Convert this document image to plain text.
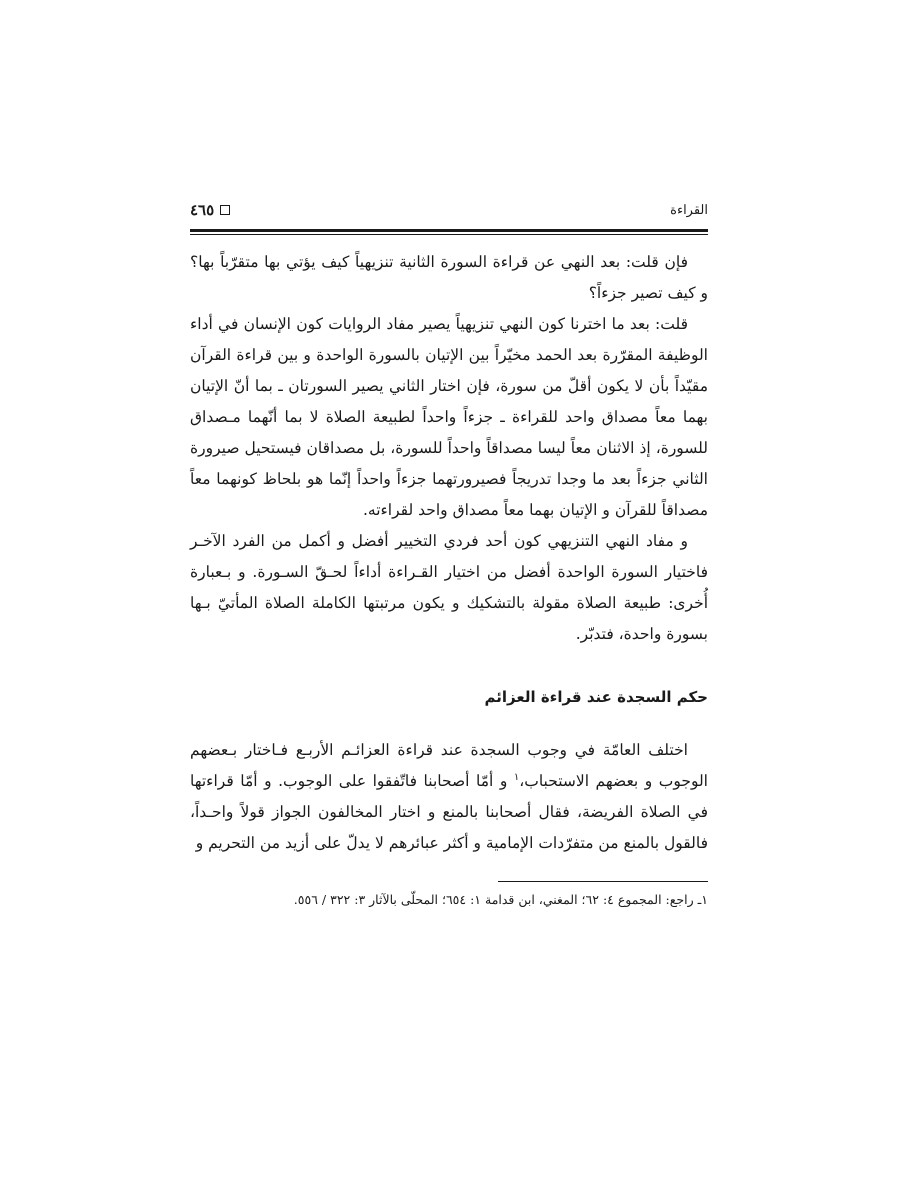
القراءة
٤٦٥

فإن قلت: بعد النهي عن قراءة السورة الثانية تنزيهياً كيف يؤتي بها متقرّباً بها؟ و كيف تصير جزءاً؟

قلت: بعد ما اخترنا كون النهي تنزيهياً يصير مفاد الروايات كون الإنسان في أداء الوظيفة المقرّرة بعد الحمد مخيّراً بين الإتيان بالسورة الواحدة و بين قراءة القرآن مقيّداً بأن لا يكون أقلّ من سورة، فإن اختار الثاني يصير السورتان ـ بما أنّ الإتيان بهما معاً مصداق واحد للقراءة ـ جزءاً واحداً لطبيعة الصلاة لا بما أنّهما مـصداق للسورة، إذ الاثنان معاً ليسا مصداقاً واحداً للسورة، بل مصداقان فيستحيل صيرورة الثاني جزءاً بعد ما وجدا تدريجاً فصيرورتهما جزءاً واحداً إنّما هو بلحاظ كونهما معاً مصداقاً للقرآن و الإتيان بهما معاً مصداق واحد لقراءته.

و مفاد النهي التنزيهي كون أحد فردي التخيير أفضل و أكمل من الفرد الآخـر فاختيار السورة الواحدة أفضل من اختيار القـراءة أداءاً لحـقّ السـورة. و بـعبارة أُخرى: طبيعة الصلاة مقولة بالتشكيك و يكون مرتبتها الكاملة الصلاة المأتيّ بـها بسورة واحدة، فتدبّر.

حكم السجدة عند قراءة العزائم

اختلف العامّة في وجوب السجدة عند قراءة العزائـم الأربـع فـاختار بـعضهم الوجوب و بعضهم الاستحباب،$^١$ و أمّا أصحابنا فاتّفقوا على الوجوب. و أمّا قراءتها في الصلاة الفريضة، فقال أصحابنا بالمنع و اختار المخالفون الجواز قولاً واحـداً، فالقول بالمنع من متفرّدات الإمامية و أكثر عبائرهم لا يدلّ على أزيد من التحريم و

١ـ راجع: المجموع ٤: ٦٢؛ المغني، ابن قدامة ١: ٦٥٤؛ المحلّى بالآثار ٣: ٣٢٢ / ٥٥٦.
